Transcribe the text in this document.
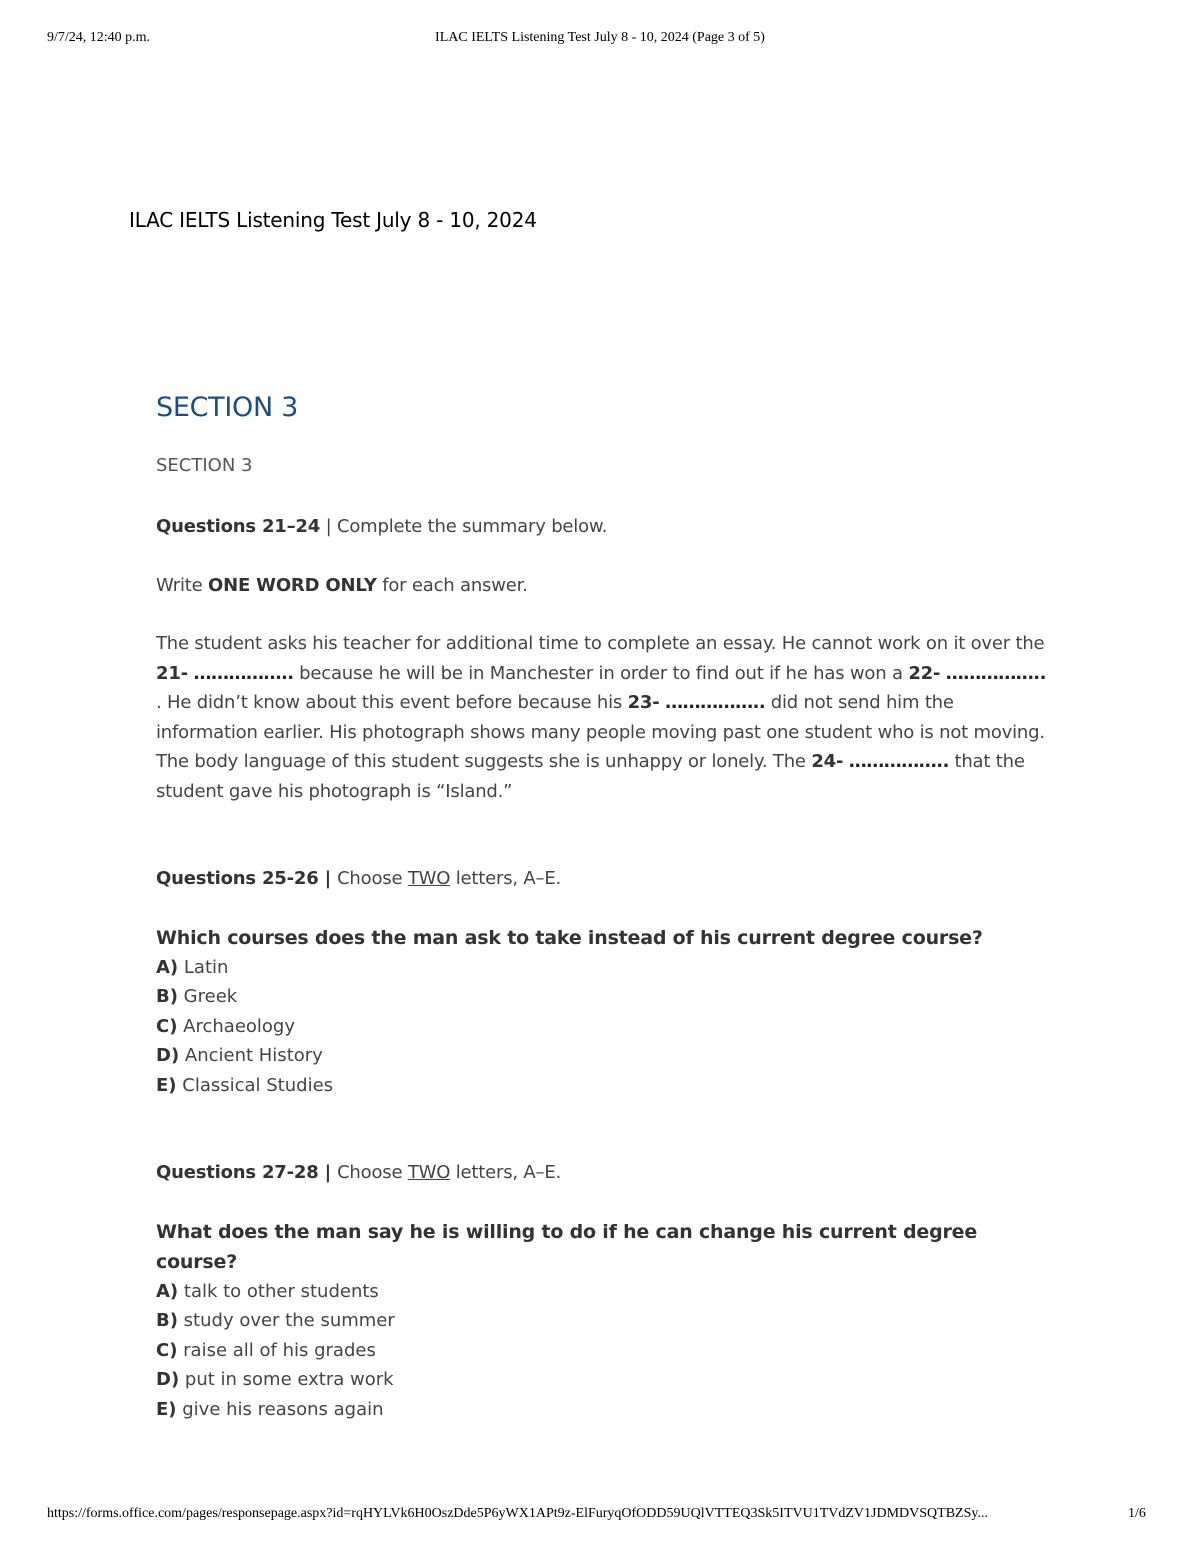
9/7/24, 12:40 p.m.	ILAC IELTS Listening Test July 8 - 10, 2024 (Page 3 of 5)
ILAC IELTS Listening Test July 8 - 10, 2024
SECTION 3
SECTION 3

Questions 21–24 | Complete the summary below.

Write ONE WORD ONLY for each answer.

The student asks his teacher for additional time to complete an essay. He cannot work on it over the 21- …………….. because he will be in Manchester in order to find out if he has won a 22- …………….. . He didn’t know about this event before because his 23- …………….. did not send him the information earlier. His photograph shows many people moving past one student who is not moving. The body language of this student suggests she is unhappy or lonely. The 24- …………….. that the student gave his photograph is “Island.”

Questions 25-26 | Choose TWO letters, A–E.

Which courses does the man ask to take instead of his current degree course?

A) Latin
B) Greek
C) Archaeology
D) Ancient History
E) Classical Studies

Questions 27-28 | Choose TWO letters, A–E.

What does the man say he is willing to do if he can change his current degree course?

A) talk to other students
B) study over the summer
C) raise all of his grades
D) put in some extra work
E) give his reasons again
https://forms.office.com/pages/responsepage.aspx?id=rqHYLVk6H0OszDde5P6yWX1APt9z-ElFuryqOfODD59UQlVTTEQ3Sk5ITVU1TVdZV1JDMDVSQTBZSy...	1/6
